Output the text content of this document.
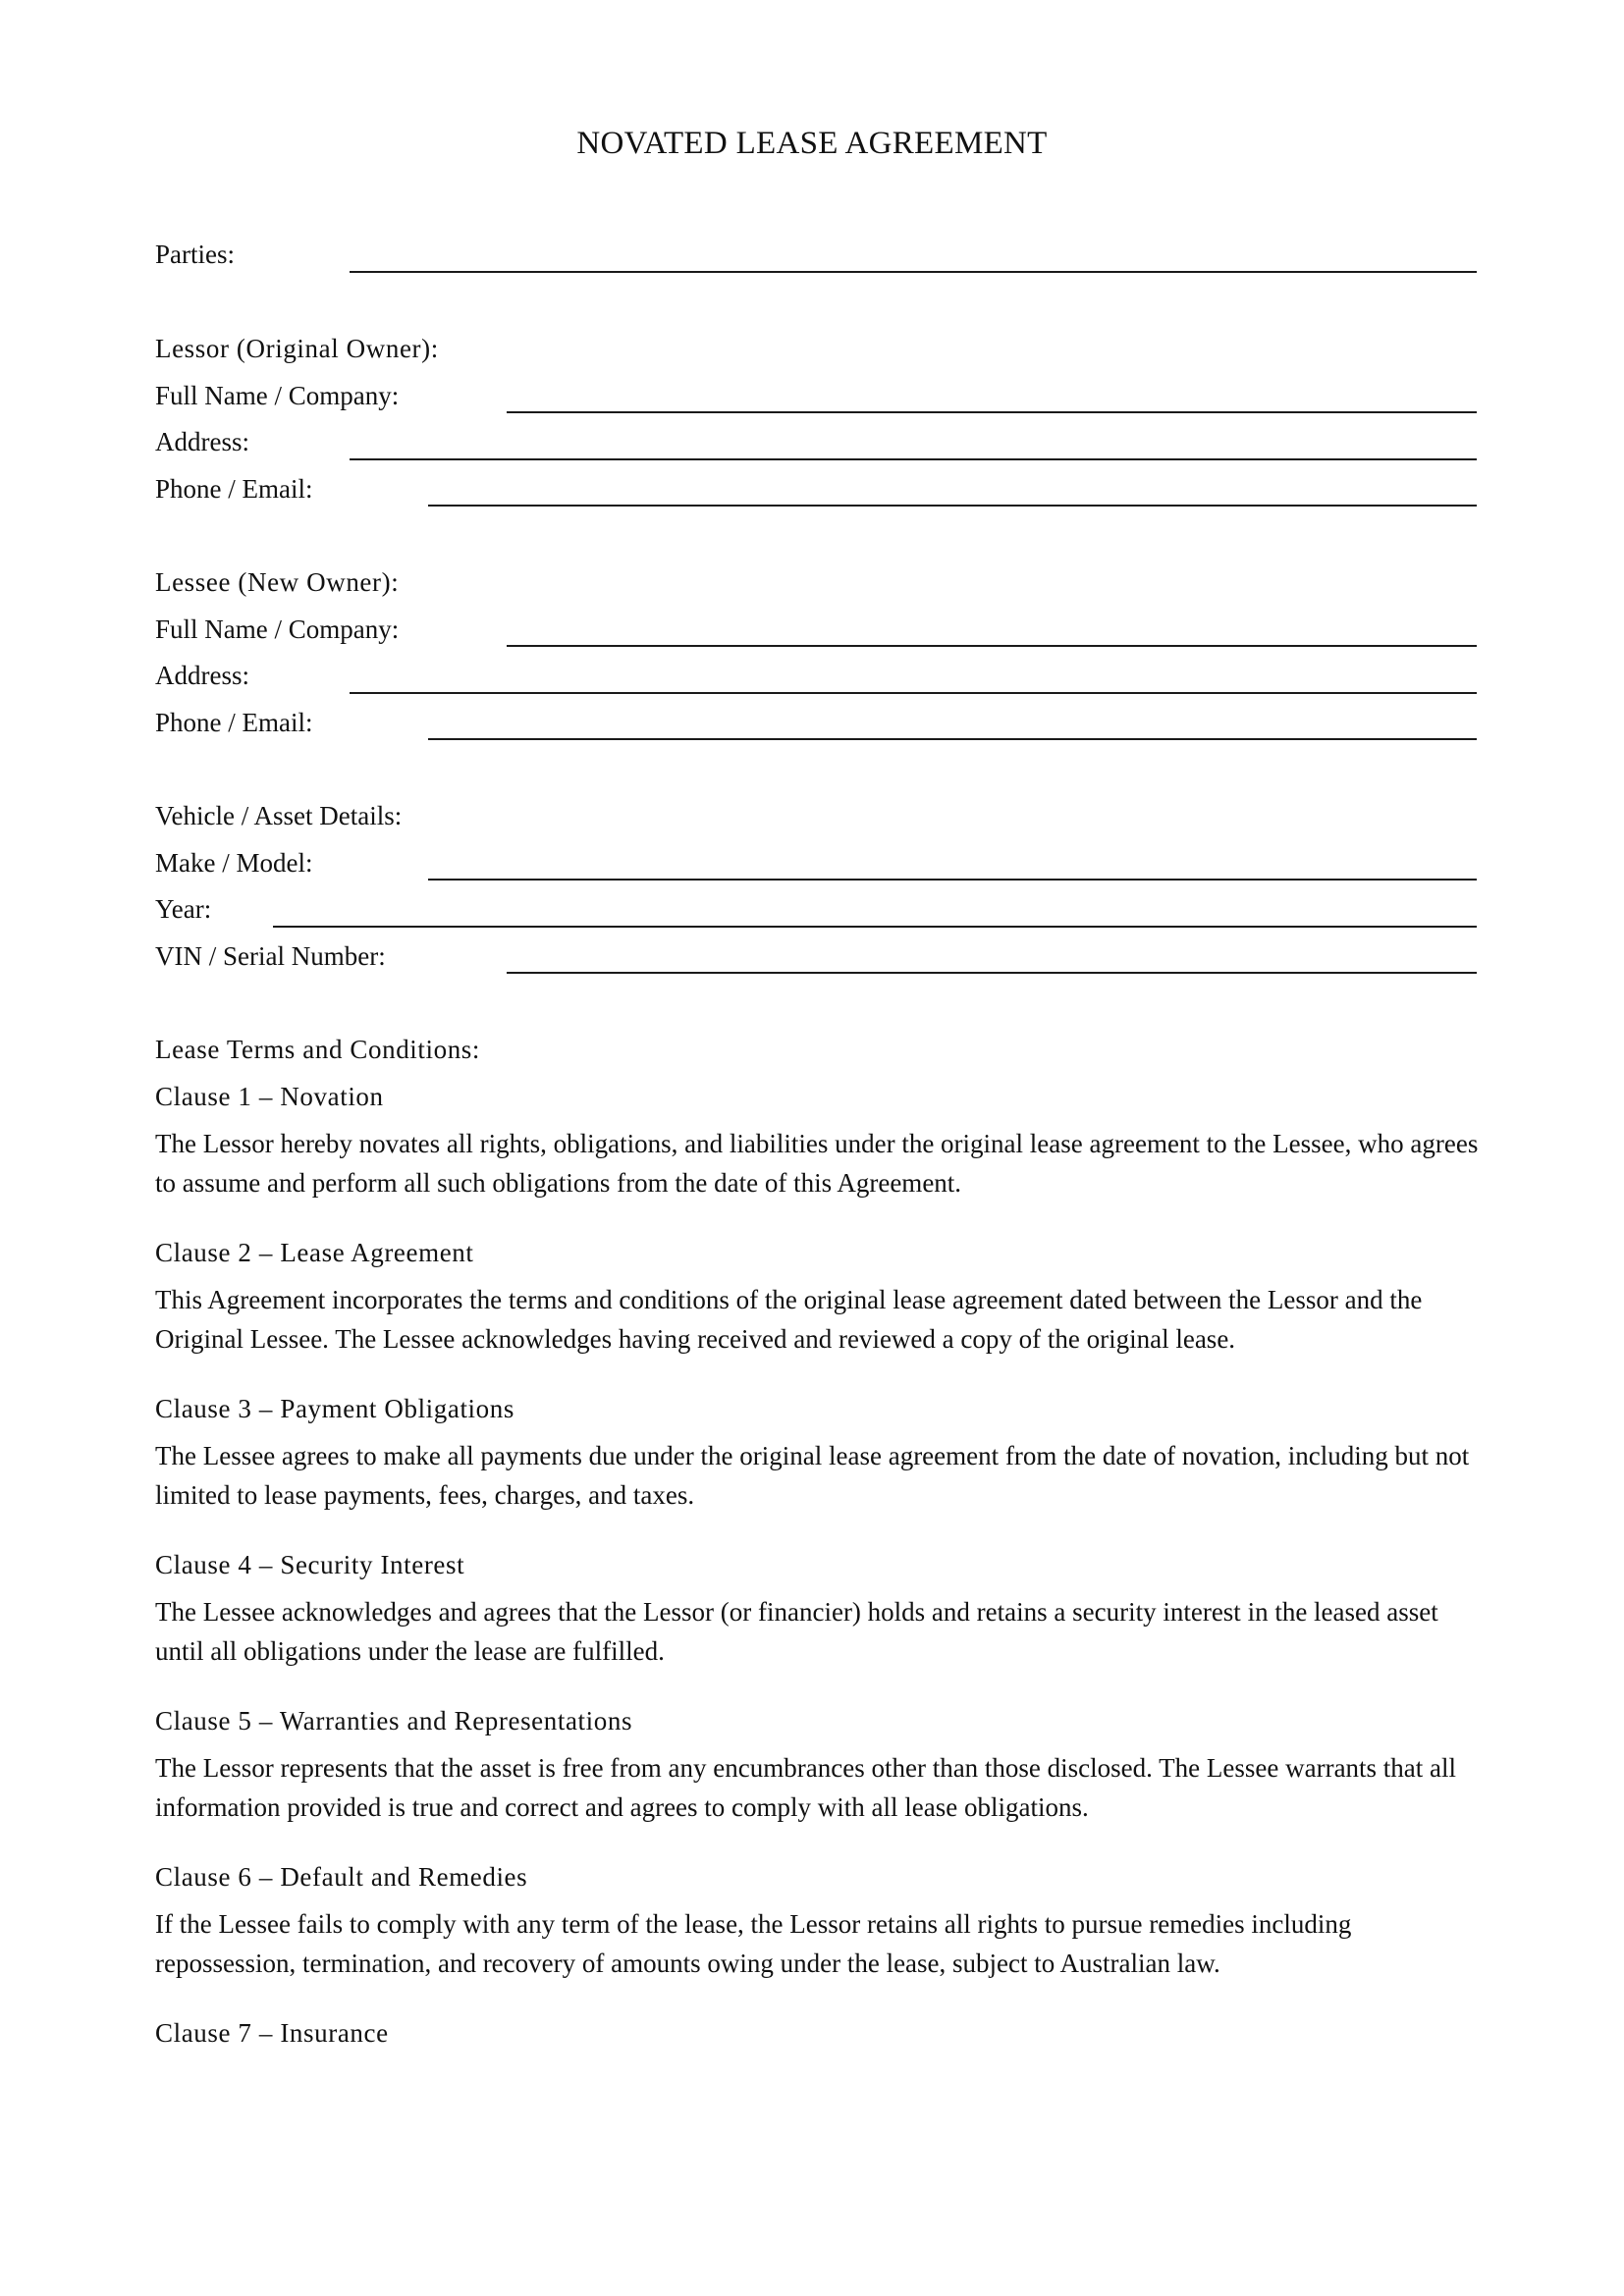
NOVATED LEASE AGREEMENT
Parties:
Lessor (Original Owner):
Full Name / Company:
Address:
Phone / Email:
Lessee (New Owner):
Full Name / Company:
Address:
Phone / Email:
Vehicle / Asset Details:
Make / Model:
Year:
VIN / Serial Number:
Lease Terms and Conditions:
Clause 1 – Novation
The Lessor hereby novates all rights, obligations, and liabilities under the original lease agreement to the Lessee, who agrees to assume and perform all such obligations from the date of this Agreement.
Clause 2 – Lease Agreement
This Agreement incorporates the terms and conditions of the original lease agreement dated between the Lessor and the Original Lessee. The Lessee acknowledges having received and reviewed a copy of the original lease.
Clause 3 – Payment Obligations
The Lessee agrees to make all payments due under the original lease agreement from the date of novation, including but not limited to lease payments, fees, charges, and taxes.
Clause 4 – Security Interest
The Lessee acknowledges and agrees that the Lessor (or financier) holds and retains a security interest in the leased asset until all obligations under the lease are fulfilled.
Clause 5 – Warranties and Representations
The Lessor represents that the asset is free from any encumbrances other than those disclosed. The Lessee warrants that all information provided is true and correct and agrees to comply with all lease obligations.
Clause 6 – Default and Remedies
If the Lessee fails to comply with any term of the lease, the Lessor retains all rights to pursue remedies including repossession, termination, and recovery of amounts owing under the lease, subject to Australian law.
Clause 7 – Insurance
